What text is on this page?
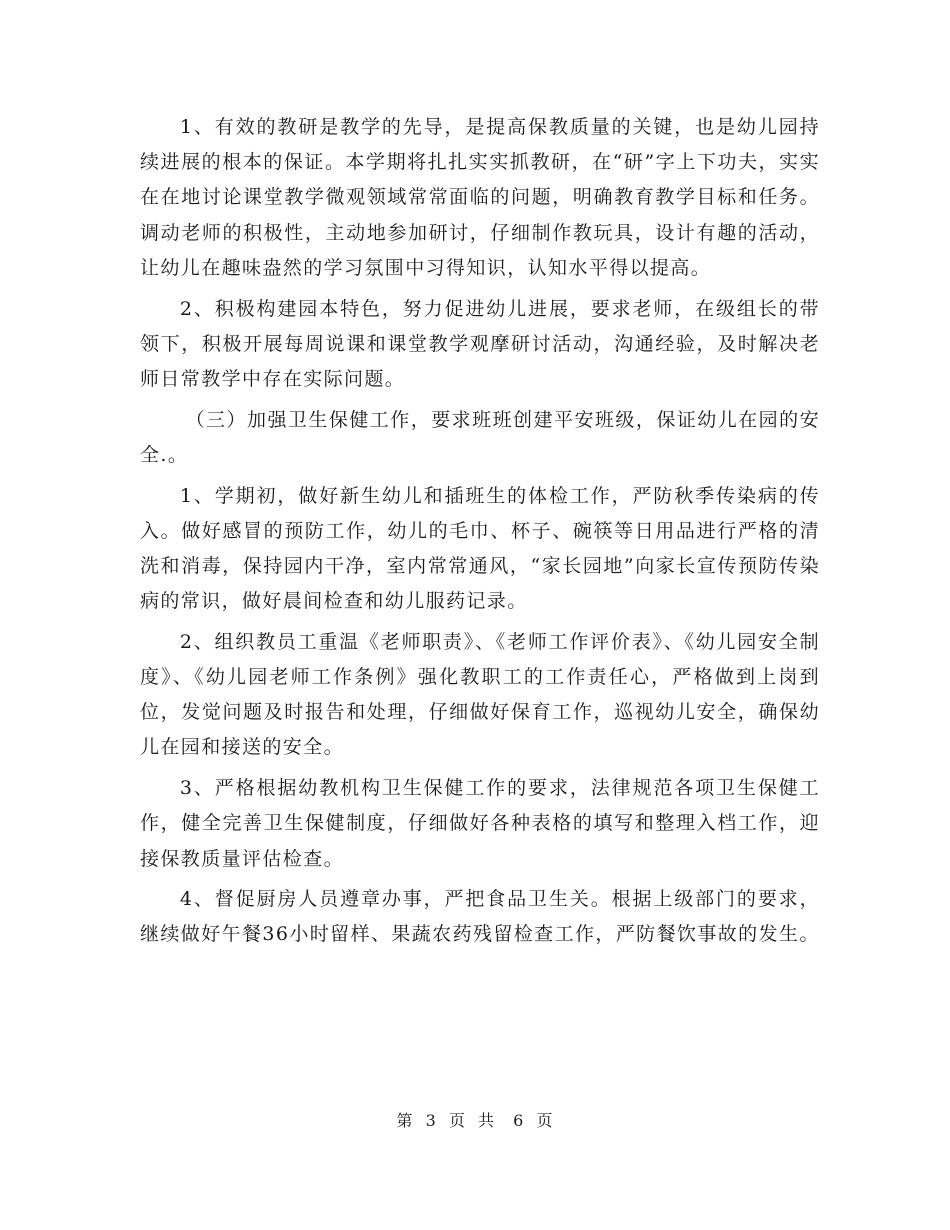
1、有效的教研是教学的先导，是提高保教质量的关键，也是幼儿园持续进展的根本的保证。本学期将扎扎实实抓教研，在“研”字上下功夫，实实在在地讨论课堂教学微观领域常常面临的问题，明确教育教学目标和任务。调动老师的积极性，主动地参加研讨，仔细制作教玩具，设计有趣的活动，让幼儿在趣味盎然的学习氛围中习得知识，认知水平得以提高。

2、积极构建园本特色，努力促进幼儿进展，要求老师，在级组长的带领下，积极开展每周说课和课堂教学观摩研讨活动，沟通经验，及时解决老师日常教学中存在实际问题。

（三）加强卫生保健工作，要求班班创建平安班级，保证幼儿在园的安全.。

1、学期初，做好新生幼儿和插班生的体检工作，严防秋季传染病的传入。做好感冒的预防工作，幼儿的毛巾、杯子、碗筷等日用品进行严格的清洗和消毒，保持园内干净，室内常常通风，“家长园地”向家长宣传预防传染病的常识，做好晨间检查和幼儿服药记录。

2、组织教员工重温《老师职责》、《老师工作评价表》、《幼儿园安全制度》、《幼儿园老师工作条例》强化教职工的工作责任心，严格做到上岗到位，发觉问题及时报告和处理，仔细做好保育工作，巡视幼儿安全，确保幼儿在园和接送的安全。

3、严格根据幼教机构卫生保健工作的要求，法律规范各项卫生保健工作，健全完善卫生保健制度，仔细做好各种表格的填写和整理入档工作，迎接保教质量评估检查。

4、督促厨房人员遵章办事，严把食品卫生关。根据上级部门的要求，继续做好午餐36小时留样、果蔬农药残留检查工作，严防餐饮事故的发生。

第 3 页 共 6 页
